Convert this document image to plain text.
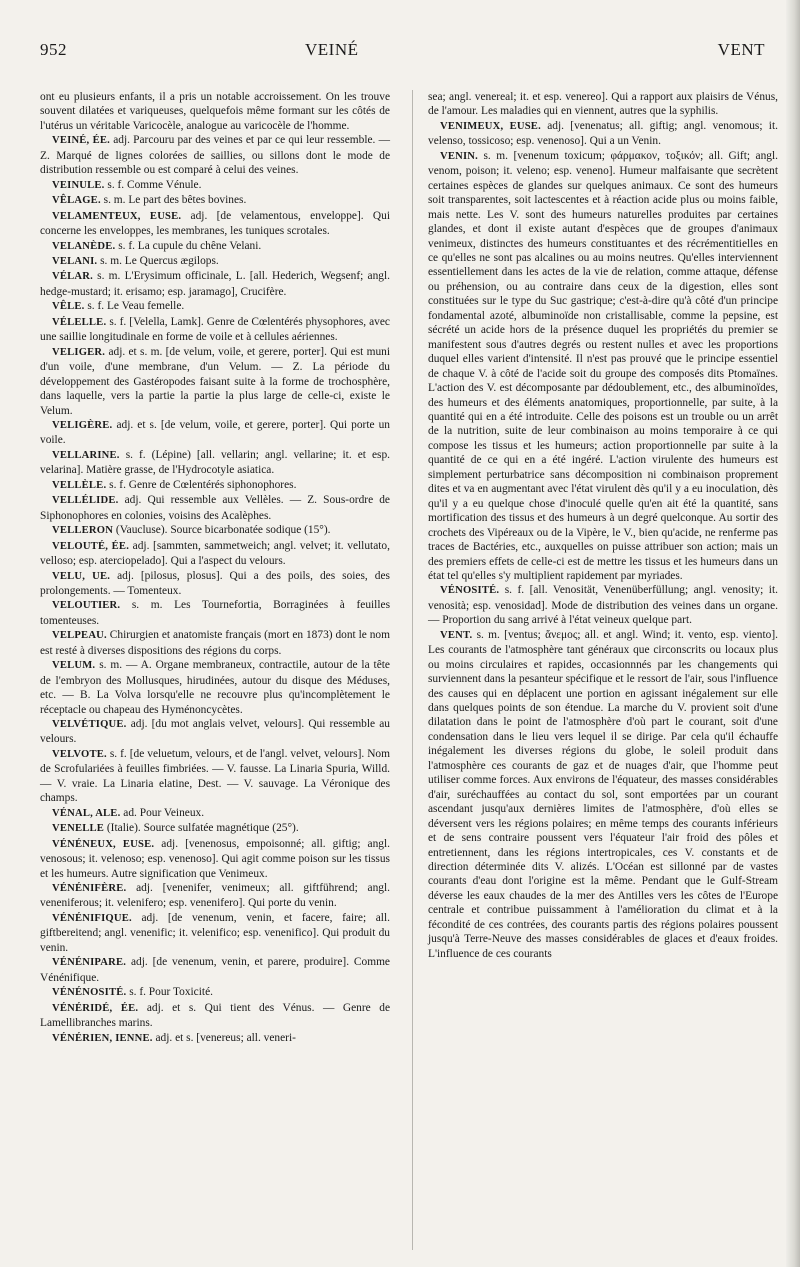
952	VEINÉ	VENT

ont eu plusieurs enfants, il a pris un notable accroissement. On les trouve souvent dilatées et variqueuses, quelquefois même formant sur les côtés de l'utérus un véritable Varicocèle, analogue au varicocèle de l'homme.

VEINÉ, ÉE. adj. Parcouru par des veines et par ce qui leur ressemble. — Z. Marqué de lignes colorées de saillies, ou sillons dont le mode de distribution ressemble ou est comparé à celui des veines.

VEINULE. s. f. Comme Vénule.

VÊLAGE. s. m. Le part des bêtes bovines.

VELAMENTEUX, EUSE. adj. [de velamentous, enveloppe]. Qui concerne les enveloppes, les membranes, les tuniques scrotales.

VELANÈDE. s. f. La cupule du chêne Velani.

VELANI. s. m. Le Quercus ægilops.

VÉLAR. s. m. L'Erysimum officinale, L. [all. Hederich, Wegsenf; angl. hedge-mustard; it. erisamo; esp. jaramago], Crucifère.

VÊLE. s. f. Le Veau femelle.

VÉLELLE. s. f. [Velella, Lamk]. Genre de Cœlentérés physophores, avec une saillie longitudinale en forme de voile et à cellules aériennes.

VELIGER. adj. et s. m. [de velum, voile, et gerere, porter]. Qui est muni d'un voile, d'une membrane, d'un Velum. — Z. La période du développement des Gastéropodes faisant suite à la forme de trochosphère, dans laquelle, vers la partie la partie la plus large de celle-ci, existe le Velum.

VELIGÈRE. adj. et s. [de velum, voile, et gerere, porter]. Qui porte un voile.

VELLARINE. s. f. (Lépine) [all. vellarin; angl. vellarine; it. et esp. velarina]. Matière grasse, de l'Hydrocotyle asiatica.

VELLÈLE. s. f. Genre de Cœlentérés siphonophores.

VELLÉLIDE. adj. Qui ressemble aux Vellèles. — Z. Sous-ordre de Siphonophores en colonies, voisins des Acalèphes.

VELLERON (Vaucluse). Source bicarbonatée sodique (15°).

VELOUTÉ, ÉE. adj. [sammten, sammetweich; angl. velvet; it. vellutato, velloso; esp. aterciopelado]. Qui a l'aspect du velours.

VELU, UE. adj. [pilosus, plosus]. Qui a des poils, des soies, des prolongements. — Tomenteux.

VELOUTIER. s. m. Les Tournefortia, Borraginées à feuilles tomenteuses.

VELPEAU. Chirurgien et anatomiste français (mort en 1873) dont le nom est resté à diverses dispositions des régions du corps.

VELUM. s. m. — A. Organe membraneux, contractile, autour de la tête de l'embryon des Mollusques, hirudinées, autour du disque des Méduses, etc. — B. La Volva lorsqu'elle ne recouvre plus qu'incomplètement le réceptacle ou chapeau des Hyménoncycètes.

VELVÉTIQUE. adj. [du mot anglais velvet, velours]. Qui ressemble au velours.

VELVOTE. s. f. [de veluetum, velours, et de l'angl. velvet, velours]. Nom de Scrofulariées à feuilles fimbriées. — V. fausse. La Linaria Spuria, Willd. — V. vraie. La Linaria elatine, Dest. — V. sauvage. La Véronique des champs.

VÉNAL, ALE. ad. Pour Veineux.

VENELLE (Italie). Source sulfatée magnétique (25°).

VÉNÉNEUX, EUSE. adj. [venenosus, empoisonné; all. giftig; angl. venosous; it. velenoso; esp. venenoso]. Qui agit comme poison sur les tissus et les humeurs. Autre signification que Venimeux.

VÉNÉNIFÈRE. adj. [venenifer, venimeux; all. giftführend; angl. veneniferous; it. velenifero; esp. venenifero]. Qui porte du venin.

VÉNÉNIFIQUE. adj. [de venenum, venin, et facere, faire; all. giftbereitend; angl. venenific; it. velenifico; esp. venenifico]. Qui produit du venin.

VÉNÉNIPARE. adj. [de venenum, venin, et parere, produire]. Comme Vénénifique.

VÉNÉNOSITÉ. s. f. Pour Toxicité.

VÉNÉRIDÉ, ÉE. adj. et s. Qui tient des Vénus. — Genre de Lamellibranches marins.

VÉNÉRIEN, IENNE. adj. et s. [venereus; all. veneri-

sea; angl. venereal; it. et esp. venereo]. Qui a rapport aux plaisirs de Vénus, de l'amour. Les maladies qui en viennent, autres que la syphilis.

VENIMEUX, EUSE. adj. [venenatus; all. giftig; angl. venomous; it. velenso, tossicoso; esp. venenoso]. Qui a un Venin.

VENIN. s. m. [venenum toxicum; φάρμακον, τοξικόν; all. Gift; angl. venom, poison; it. veleno; esp. veneno]. Humeur malfaisante que secrètent certaines espèces de glandes sur quelques animaux. Ce sont des humeurs soit transparentes, soit lactescentes et à réaction acide plus ou moins faible, mais nette. Les V. sont des humeurs naturelles produites par certaines glandes, et dont il existe autant d'espèces que de groupes d'animaux venimeux, distinctes des humeurs constituantes et des récrémentitielles en ce qu'elles ne sont pas alcalines ou au moins neutres. Qu'elles interviennent essentiellement dans les actes de la vie de relation, comme attaque, défense ou préhension, ou au contraire dans ceux de la digestion, elles sont constituées sur le type du Suc gastrique; c'est-à-dire qu'à côté d'un principe fondamental azoté, albuminoïde non cristallisable, comme la pepsine, est sécrété un acide hors de la présence duquel les propriétés du premier se manifestent sous d'autres degrés ou restent nulles et avec les proportions duquel elles varient d'intensité. Il n'est pas prouvé que le principe essentiel de chaque V. à côté de l'acide soit du groupe des composés dits Ptomaïnes. L'action des V. est décomposante par dédoublement, etc., des albuminoïdes, des humeurs et des éléments anatomiques, proportionnelle, par suite, à la quantité qui en a été introduite. Celle des poisons est un trouble ou un arrêt de la nutrition, suite de leur combinaison au moins temporaire à ce qui compose les tissus et les humeurs; action proportionnelle par suite à la quantité de ce qui en a été ingéré. L'action virulente des humeurs est simplement perturbatrice sans décomposition ni combinaison proprement dites et va en augmentant avec l'état virulent dès qu'il y a eu inoculation, dès qu'il y a eu quelque chose d'inoculé quelle qu'en ait été la quantité, sans mortification des tissus et des humeurs à un degré quelconque. Au sortir des crochets des Vipéreaux ou de la Vipère, le V., bien qu'acide, ne renferme pas traces de Bactéries, etc., auxquelles on puisse attribuer son action; mais un des premiers effets de celle-ci est de mettre les tissus et les humeurs dans un état tel qu'elles s'y multiplient rapidement par myriades.

VÉNOSITÉ. s. f. [all. Venosität, Venenüberfüllung; angl. venosity; it. venosità; esp. venosidad]. Mode de distribution des veines dans un organe. — Proportion du sang arrivé à l'état veineux quelque part.

VENT. s. m. [ventus; ἄνεμος; all. et angl. Wind; it. vento, esp. viento]. Les courants de l'atmosphère tant généraux que circonscrits ou locaux plus ou moins circulaires et rapides, occasionnnés par les changements qui surviennent dans la pesanteur spécifique et le ressort de l'air, sous l'influence des causes qui en déplacent une portion en agissant inégalement sur elle dans quelques points de son étendue. La marche du V. provient soit d'une dilatation dans le point de l'atmosphère d'où part le courant, soit d'une condensation dans le lieu vers lequel il se dirige. Par cela qu'il échauffe inégalement les diverses régions du globe, le soleil produit dans l'atmosphère ces courants de gaz et de nuages d'air, que l'homme peut utiliser comme forces. Aux environs de l'équateur, des masses considérables d'air, suréchauffées au contact du sol, sont emportées par un courant ascendant jusqu'aux dernières limites de l'atmosphère, d'où elles se déversent vers les régions polaires; en même temps des courants inférieurs et de sens contraire poussent vers l'équateur l'air froid des pôles et entretiennent, dans les régions intertropicales, ces V. constants et de direction déterminée dits V. alizés. L'Océan est sillonné par de vastes courants d'eau dont l'origine est la même. Pendant que le Gulf-Stream déverse les eaux chaudes de la mer des Antilles vers les côtes de l'Europe centrale et contribue puissamment à l'amélioration du climat et à la fécondité de ces contrées, des courants partis des régions polaires poussent jusqu'à Terre-Neuve des masses considérables de glaces et d'eaux froides. L'influence de ces courants
